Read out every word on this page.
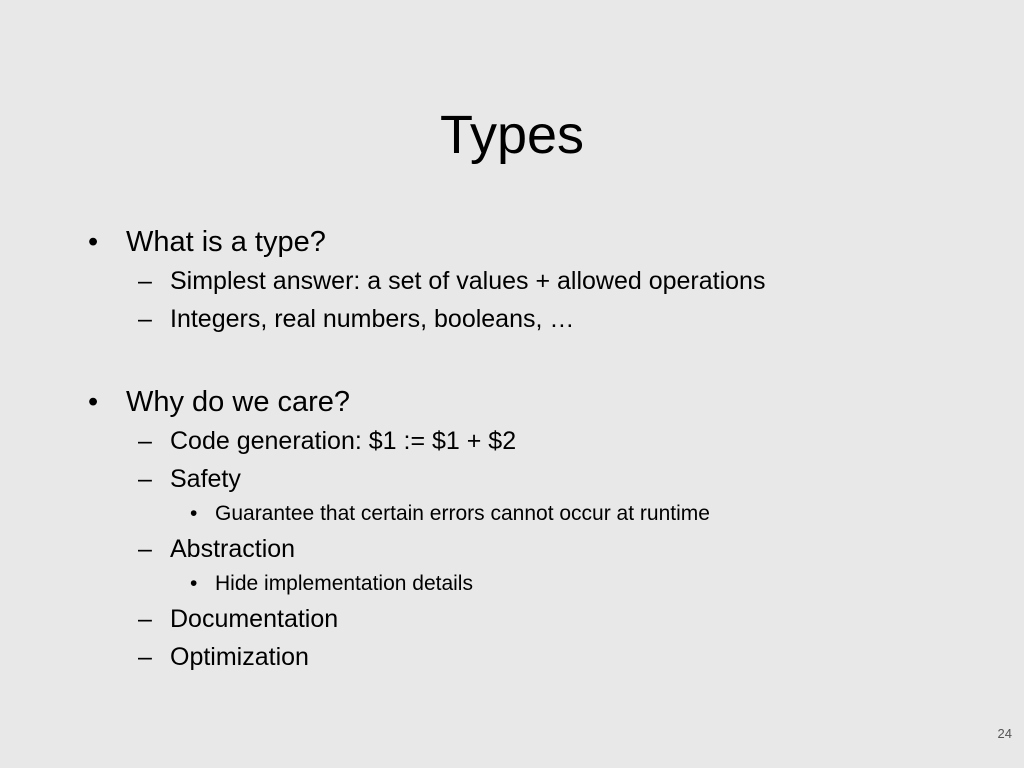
Types
• What is a type?
– Simplest answer: a set of values + allowed operations
– Integers, real numbers, booleans, …
• Why do we care?
– Code generation: $1 := $1 + $2
– Safety
• Guarantee that certain errors cannot occur at runtime
– Abstraction
• Hide implementation details
– Documentation
– Optimization
24
